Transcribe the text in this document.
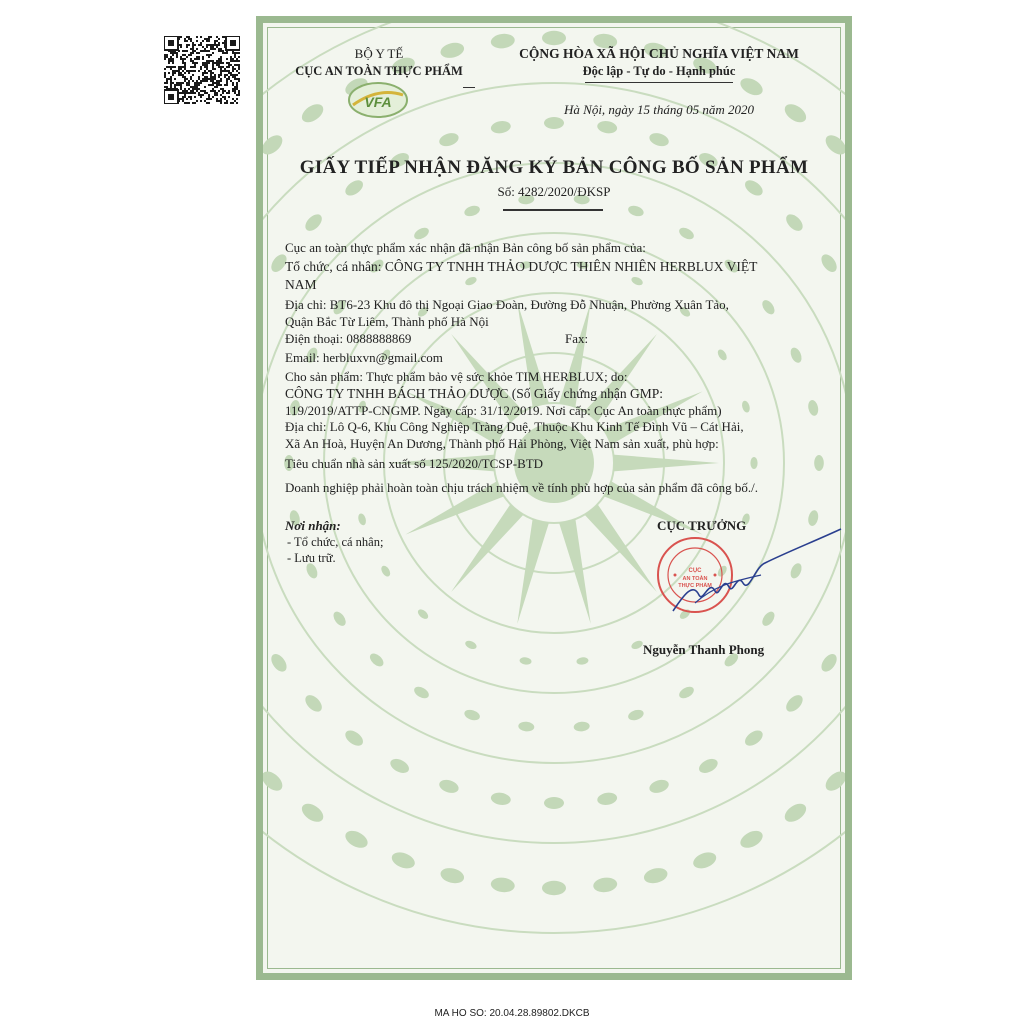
BỘ Y TẾ
CỤC AN TOÀN THỰC PHẨM
VFA
CỘNG HÒA XÃ HỘI CHỦ NGHĨA VIỆT NAM
Độc lập - Tự do - Hạnh phúc
Hà Nội, ngày 15 tháng 05 năm 2020
GIẤY TIẾP NHẬN ĐĂNG KÝ BẢN CÔNG BỐ SẢN PHẨM
Số: 4282/2020/ĐKSP
Cục an toàn thực phẩm xác nhận đã nhận Bản công bố sản phẩm của:
Tổ chức, cá nhân: CÔNG TY TNHH THẢO DƯỢC THIÊN NHIÊN HERBLUX VIỆT
NAM
Địa chỉ: BT6-23 Khu đô thị Ngoại Giao Đoàn, Đường Đỗ Nhuận, Phường Xuân Tảo,
Quận Bắc Từ Liêm, Thành phố Hà Nội
Điện thoại: 0888888869	Fax:
Email: herbluxvn@gmail.com
Cho sản phẩm: Thực phẩm bảo vệ sức khỏe TIM HERBLUX; do:
CÔNG TY TNHH BÁCH THẢO DƯỢC (Số Giấy chứng nhận GMP:
119/2019/ATTP-CNGMP. Ngày cấp: 31/12/2019. Nơi cấp: Cục An toàn thực phẩm)
Địa chỉ: Lô Q-6, Khu Công Nghiệp Tràng Duệ, Thuộc Khu Kinh Tế Đình Vũ – Cát Hải,
Xã An Hoà, Huyện An Dương, Thành phố Hải Phòng, Việt Nam sản xuất, phù hợp:
Tiêu chuẩn nhà sản xuất số 125/2020/TCSP-BTD
Doanh nghiệp phải hoàn toàn chịu trách nhiệm về tính phù hợp của sản phẩm đã công bố./.
Nơi nhận:
- Tổ chức, cá nhân;
- Lưu trữ.
CỤC TRƯỞNG
CỤC
AN TOÀN
THỰC PHẨM
Nguyễn Thanh Phong
MA HO SO: 20.04.28.89802.DKCB
